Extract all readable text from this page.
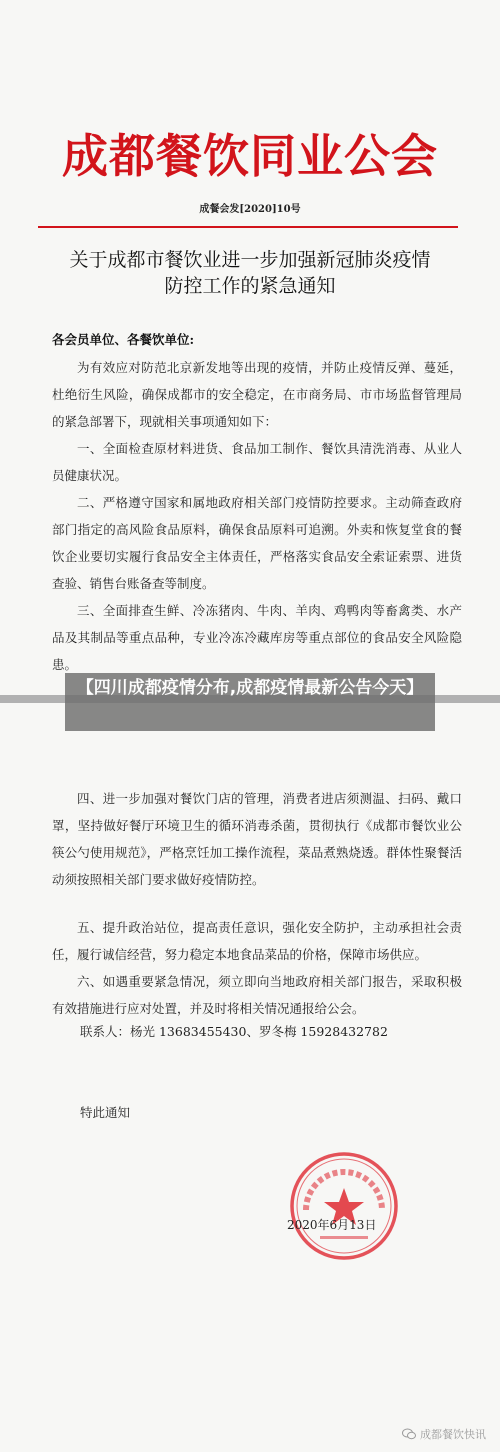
成都餐饮同业公会
成餐会发[2020]10号
关于成都市餐饮业进一步加强新冠肺炎疫情
防控工作的紧急通知
各会员单位、各餐饮单位:
为有效应对防范北京新发地等出现的疫情，并防止疫情反弹、蔓延，杜绝衍生风险，确保成都市的安全稳定，在市商务局、市市场监督管理局的紧急部署下，现就相关事项通知如下：
一、全面检查原材料进货、食品加工制作、餐饮具清洗消毒、从业人员健康状况。
二、严格遵守国家和属地政府相关部门疫情防控要求。主动筛查政府部门指定的高风险食品原料，确保食品原料可追溯。外卖和恢复堂食的餐饮企业要切实履行食品安全主体责任，严格落实食品安全索证索票、进货查验、销售台账备查等制度。
三、全面排查生鲜、冷冻猪肉、牛肉、羊肉、鸡鸭肉等畜禽类、水产品及其制品等重点品种，专业冷冻冷藏库房等重点部位的食品安全风险隐患。
四、进一步加强对餐饮门店的管理，消费者进店须测温、扫码、戴口罩，坚持做好餐厅环境卫生的循环消毒杀菌，贯彻执行《成都市餐饮业公筷公勺使用规范》，严格烹饪加工操作流程，菜品煮熟烧透。群体性聚餐活动须按照相关部门要求做好疫情防控。
五、提升政治站位，提高责任意识，强化安全防护，主动承担社会责任，履行诚信经营，努力稳定本地食品菜品的价格，保障市场供应。
六、如遇重要紧急情况，须立即向当地政府相关部门报告，采取积极有效措施进行应对处置，并及时将相关情况通报给公会。
联系人：杨光 13683455430、罗冬梅 15928432782
特此通知
2020年6月13日
【四川成都疫情分布,成都疫情最新公告今天】
成都餐饮快讯
